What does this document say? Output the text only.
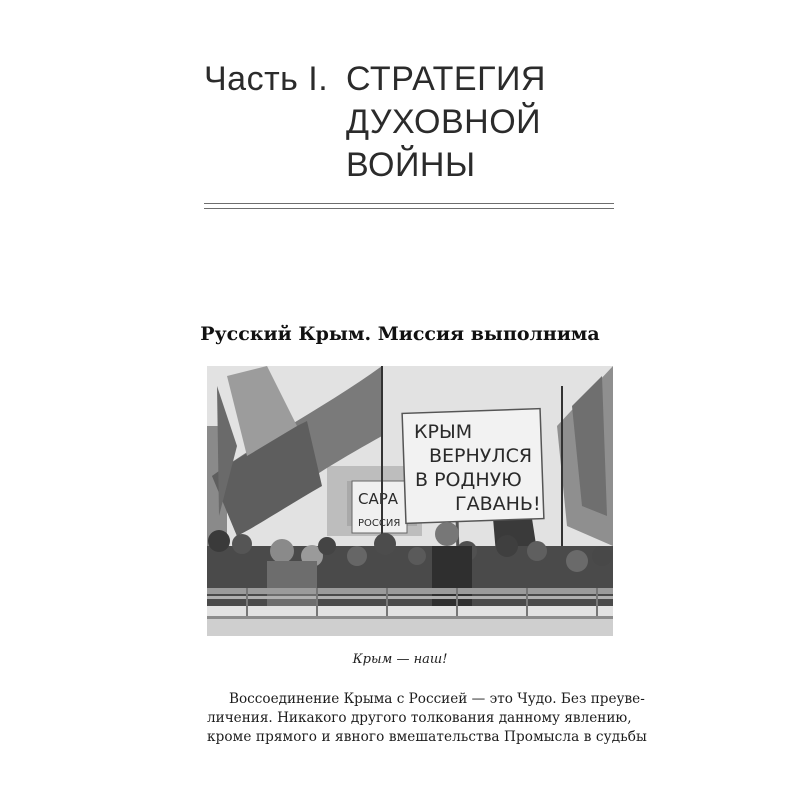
Часть I. СТРАТЕГИЯ
ДУХОВНОЙ
ВОЙНЫ
Русский Крым. Миссия выполнима
САРА
РОССИЯ
КРЫМ
ВЕРНУЛСЯ
В РОДНУЮ
ГАВАНЬ!
Крым — наш!

Воссоединение Крыма с Россией — это Чудо. Без преуве-

личения. Никакого другого толкования данному явлению,

кроме прямого и явного вмешательства Промысла в судьбы
